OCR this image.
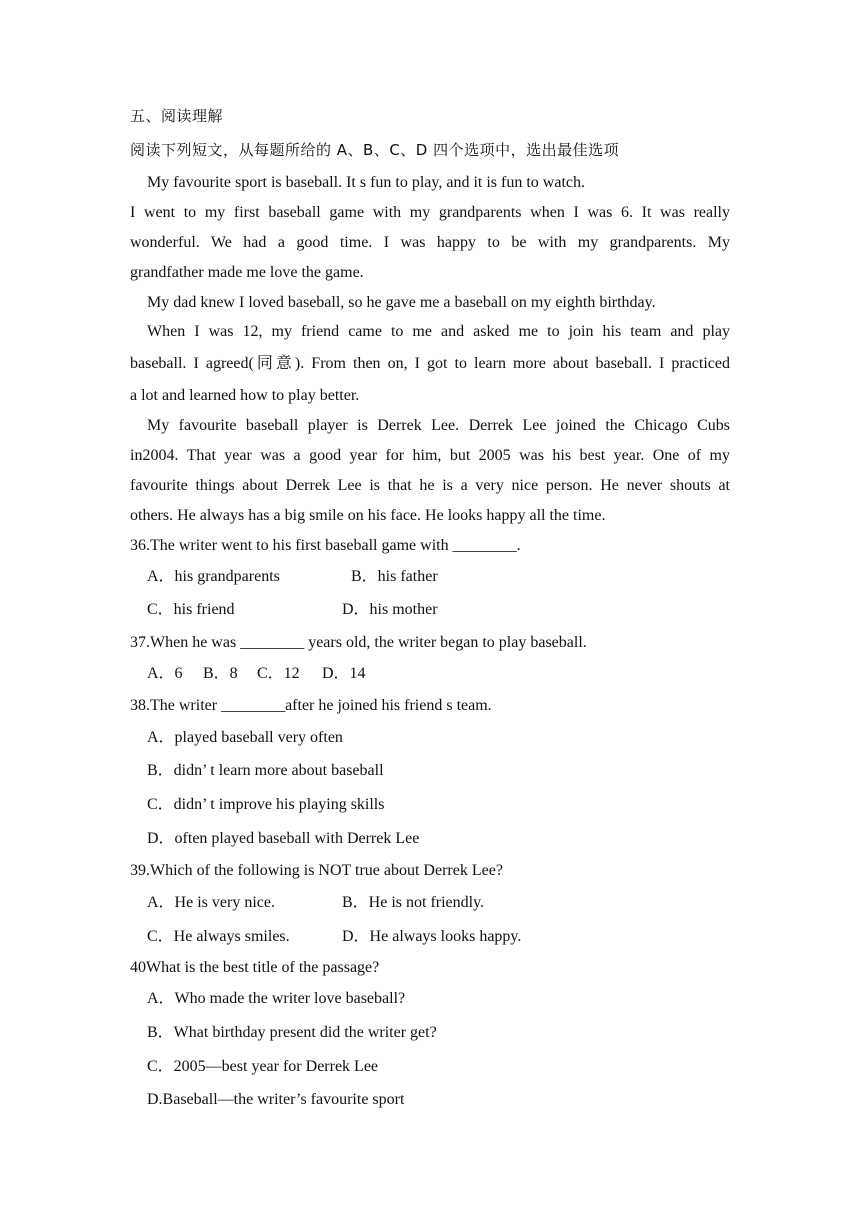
五、阅读理解
阅读下列短文，从每题所给的 A、B、C、D 四个选项中，选出最佳选项
My favourite sport is baseball. It s fun to play, and it is fun to watch.
I went to my first baseball game with my grandparents when I was 6. It was really
wonderful. We had a good time. I was happy to be with my grandparents. My
grandfather made me love the game.
My dad knew I loved baseball, so he gave me a baseball on my eighth birthday.
When I was 12, my friend came to me and asked me to join his team and play
baseball. I agreed(同意). From then on, I got to learn more about baseball. I practiced
a lot and learned how to play better.
My favourite baseball player is Derrek Lee. Derrek Lee joined the Chicago Cubs
in2004. That year was a good year for him, but 2005 was his best year. One of my
favourite things about Derrek Lee is that he is a very nice person. He never shouts at
others. He always has a big smile on his face. He looks happy all the time.
36.The writer went to his first baseball game with ________.
A．his grandparents	B．his father
C．his friend	D．his mother
37.When he was ________ years old, the writer began to play baseball.
A．6 B．8 C．12 D．14
38.The writer ________after he joined his friend s team.
A．played baseball very often
B．didn’ t learn more about baseball
C．didn’ t improve his playing skills
D．often played baseball with Derrek Lee
39.Which of the following is NOT true about Derrek Lee?
A．He is very nice.	B．He is not friendly.
C．He always smiles.	D．He always looks happy.
40What is the best title of the passage?
A．Who made the writer love baseball?
B．What birthday present did the writer get?
C．2005—best year for Derrek Lee
D.Baseball—the writer’s favourite sport
